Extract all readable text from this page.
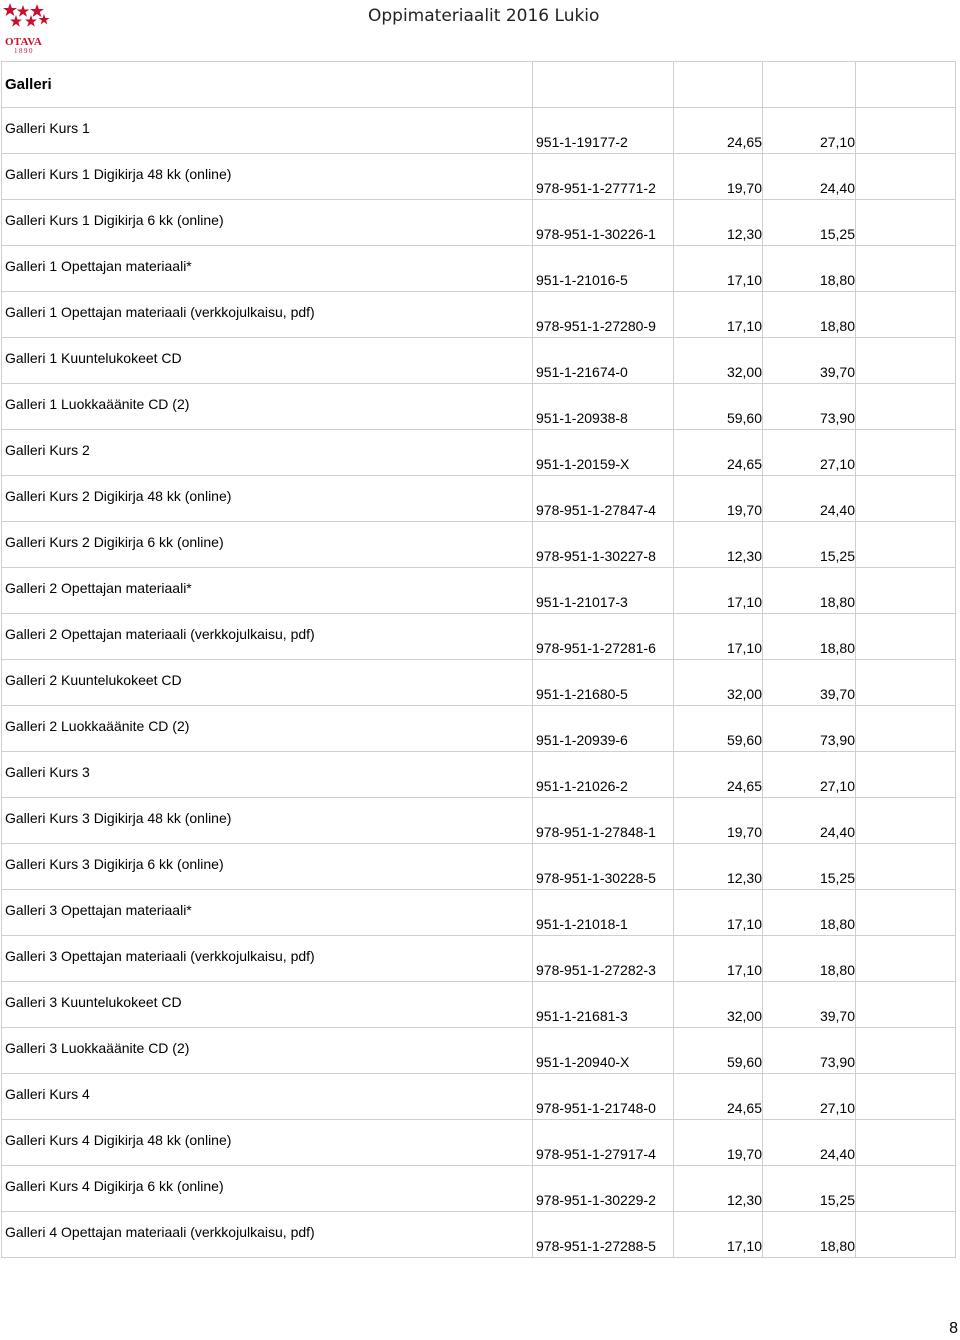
OTAVA
1890
Oppimateriaalit 2016 Lukio
Galleri				

Galleri Kurs 1	951-1-19177-2	24,65	27,10	

Galleri Kurs 1 Digikirja 48 kk (online)	978-951-1-27771-2	19,70	24,40	

Galleri Kurs 1 Digikirja 6 kk (online)	978-951-1-30226-1	12,30	15,25	

Galleri 1 Opettajan materiaali*	951-1-21016-5	17,10	18,80	

Galleri 1 Opettajan materiaali (verkkojulkaisu, pdf)	978-951-1-27280-9	17,10	18,80	

Galleri 1 Kuuntelukokeet CD	951-1-21674-0	32,00	39,70	

Galleri 1 Luokkaäänite CD (2)	951-1-20938-8	59,60	73,90	

Galleri Kurs 2	951-1-20159-X	24,65	27,10	

Galleri Kurs 2 Digikirja 48 kk (online)	978-951-1-27847-4	19,70	24,40	

Galleri Kurs 2 Digikirja 6 kk (online)	978-951-1-30227-8	12,30	15,25	

Galleri 2 Opettajan materiaali*	951-1-21017-3	17,10	18,80	

Galleri 2 Opettajan materiaali (verkkojulkaisu, pdf)	978-951-1-27281-6	17,10	18,80	

Galleri 2 Kuuntelukokeet CD	951-1-21680-5	32,00	39,70	

Galleri 2 Luokkaäänite CD (2)	951-1-20939-6	59,60	73,90	

Galleri Kurs 3	951-1-21026-2	24,65	27,10	

Galleri Kurs 3 Digikirja 48 kk (online)	978-951-1-27848-1	19,70	24,40	

Galleri Kurs 3 Digikirja 6 kk (online)	978-951-1-30228-5	12,30	15,25	

Galleri 3 Opettajan materiaali*	951-1-21018-1	17,10	18,80	

Galleri 3 Opettajan materiaali (verkkojulkaisu, pdf)	978-951-1-27282-3	17,10	18,80	

Galleri 3 Kuuntelukokeet CD	951-1-21681-3	32,00	39,70	

Galleri 3 Luokkaäänite CD (2)	951-1-20940-X	59,60	73,90	

Galleri Kurs 4	978-951-1-21748-0	24,65	27,10	

Galleri Kurs 4 Digikirja 48 kk (online)	978-951-1-27917-4	19,70	24,40	

Galleri Kurs 4 Digikirja 6 kk (online)	978-951-1-30229-2	12,30	15,25	

Galleri 4 Opettajan materiaali (verkkojulkaisu, pdf)	978-951-1-27288-5	17,10	18,80	
8
